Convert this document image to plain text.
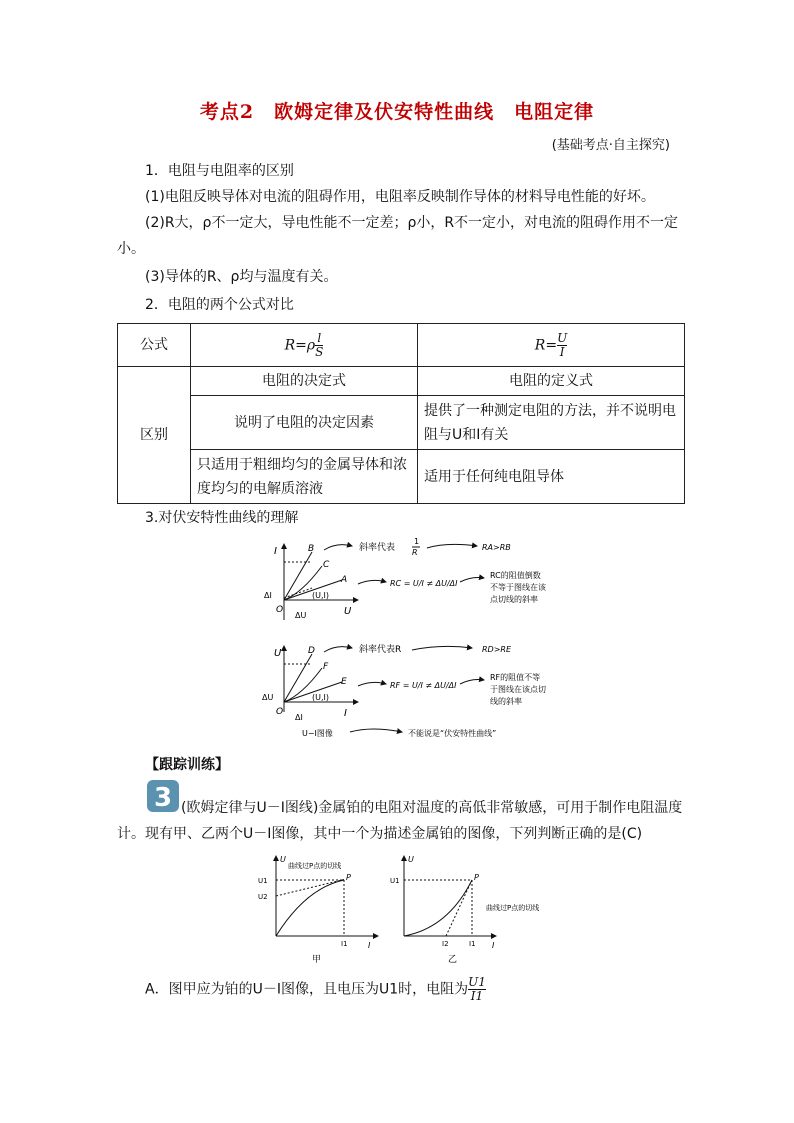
考点2　欧姆定律及伏安特性曲线　电阻定律
(基础考点·自主探究)
1．电阻与电阻率的区别
(1)电阻反映导体对电流的阻碍作用，电阻率反映制作导体的材料导电性能的好坏。
(2)R大，ρ不一定大，导电性能不一定差；ρ小，R不一定小，对电流的阻碍作用不一定小。
(3)导体的R、ρ均与温度有关。
2．电阻的两个公式对比
公式	$R=\rho \frac{l}{S}$	$R= \frac{U}{I}$

区别	电阻的决定式	电阻的定义式
	说明了电阻的决定因素	提供了一种测定电阻的方法，并不说明电阻与U和I有关
	只适用于粗细均匀的金属导体和浓度均匀的电解质溶液	适用于任何纯电阻导体
3.对伏安特性曲线的理解
I
U
O
B
C
A
ΔI
ΔU
(U,I)
斜率代表
1
R
RA>RB
RC = U/I ≠ ΔU/ΔI
RC的阻值倒数
不等于图线在该
点切线的斜率
U
I
O
D
F
E
ΔU
ΔI
(U,I)
斜率代表R	RD>RE
RF = U/I ≠ ΔU/ΔI
RF的阻值不等
于图线在该点切
线的斜率
U−I图像	不能说是“伏安特性曲线”
【跟踪训练】
3 (欧姆定律与U－I图线)金属铂的电阻对温度的高低非常敏感，可用于制作电阻温度计。现有甲、乙两个U－I图像，其中一个为描述金属铂的图像，下列判断正确的是(C)
U
I
U1
U2
I1
P
曲线过P点的切线
甲
U
I
U1
I2	I1
P
曲线过P点的切线
乙
A．图甲应为铂的U－I图像，且电压为U1时，电阻为 $\frac{U1}{I1}$
